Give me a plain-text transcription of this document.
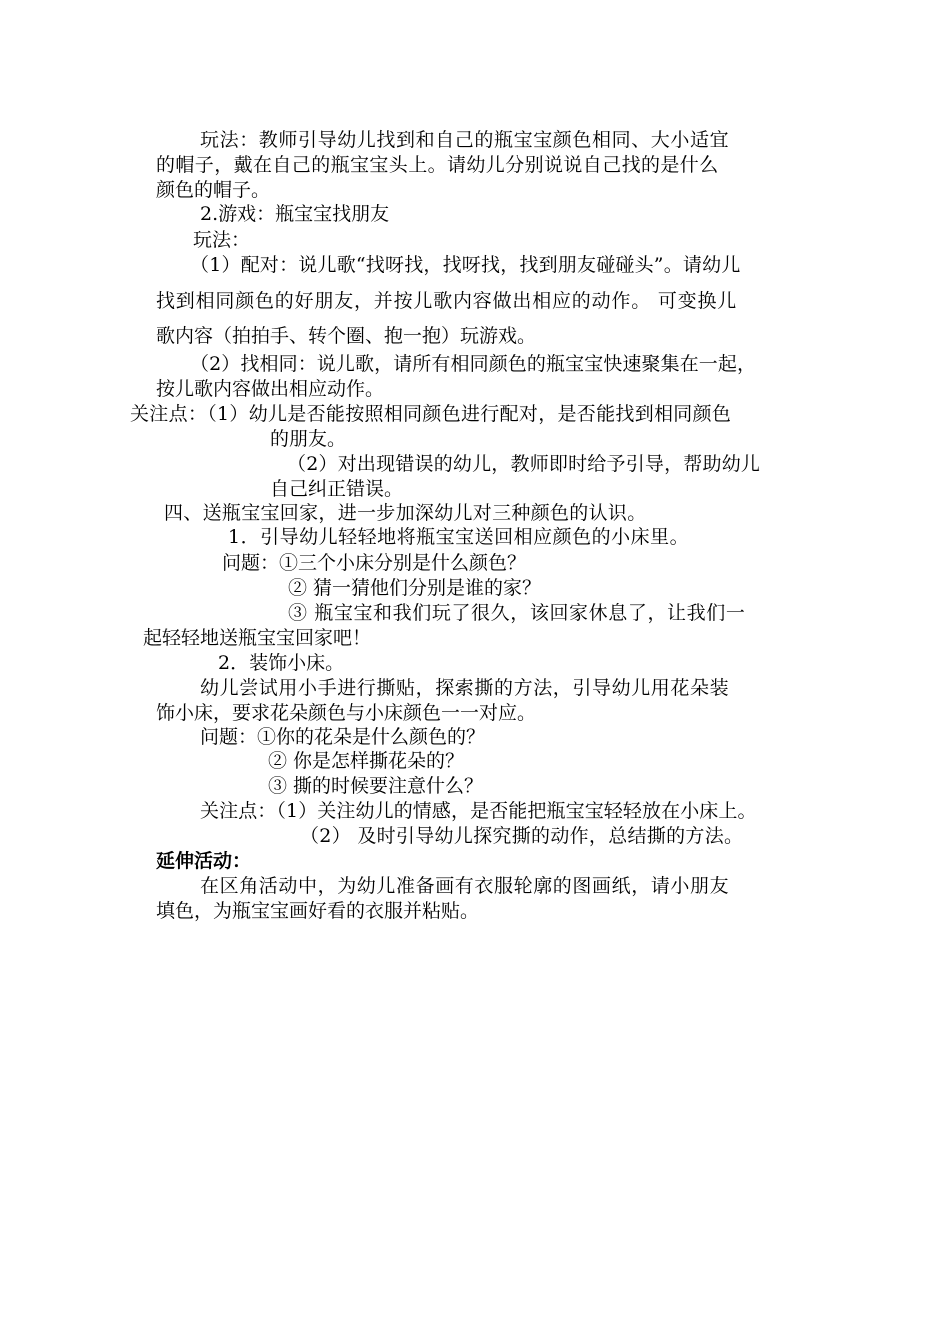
玩法：教师引导幼儿找到和自己的瓶宝宝颜色相同、大小适宜
的帽子，戴在自己的瓶宝宝头上。请幼儿分别说说自己找的是什么
颜色的帽子。
2.游戏：瓶宝宝找朋友
玩法：
（1）配对：说儿歌“找呀找，找呀找，找到朋友碰碰头”。请幼儿
找到相同颜色的好朋友，并按儿歌内容做出相应的动作。 可变换儿
歌内容（拍拍手、转个圈、抱一抱）玩游戏。
（2）找相同：说儿歌，请所有相同颜色的瓶宝宝快速聚集在一起，
按儿歌内容做出相应动作。
关注点：（1）幼儿是否能按照相同颜色进行配对，是否能找到相同颜色
的朋友。
（2）对出现错误的幼儿，教师即时给予引导，帮助幼儿
自己纠正错误。
四、送瓶宝宝回家，进一步加深幼儿对三种颜色的认识。
1．引导幼儿轻轻地将瓶宝宝送回相应颜色的小床里。
问题：①三个小床分别是什么颜色？
② 猜一猜他们分别是谁的家？
③ 瓶宝宝和我们玩了很久，该回家休息了，让我们一
起轻轻地送瓶宝宝回家吧！
2．装饰小床。
幼儿尝试用小手进行撕贴，探索撕的方法，引导幼儿用花朵装
饰小床，要求花朵颜色与小床颜色一一对应。
问题：①你的花朵是什么颜色的？
② 你是怎样撕花朵的？
③ 撕的时候要注意什么？
关注点：（1）关注幼儿的情感，是否能把瓶宝宝轻轻放在小床上。
（2） 及时引导幼儿探究撕的动作，总结撕的方法。
延伸活动：
在区角活动中，为幼儿准备画有衣服轮廓的图画纸，请小朋友
填色，为瓶宝宝画好看的衣服并粘贴。
